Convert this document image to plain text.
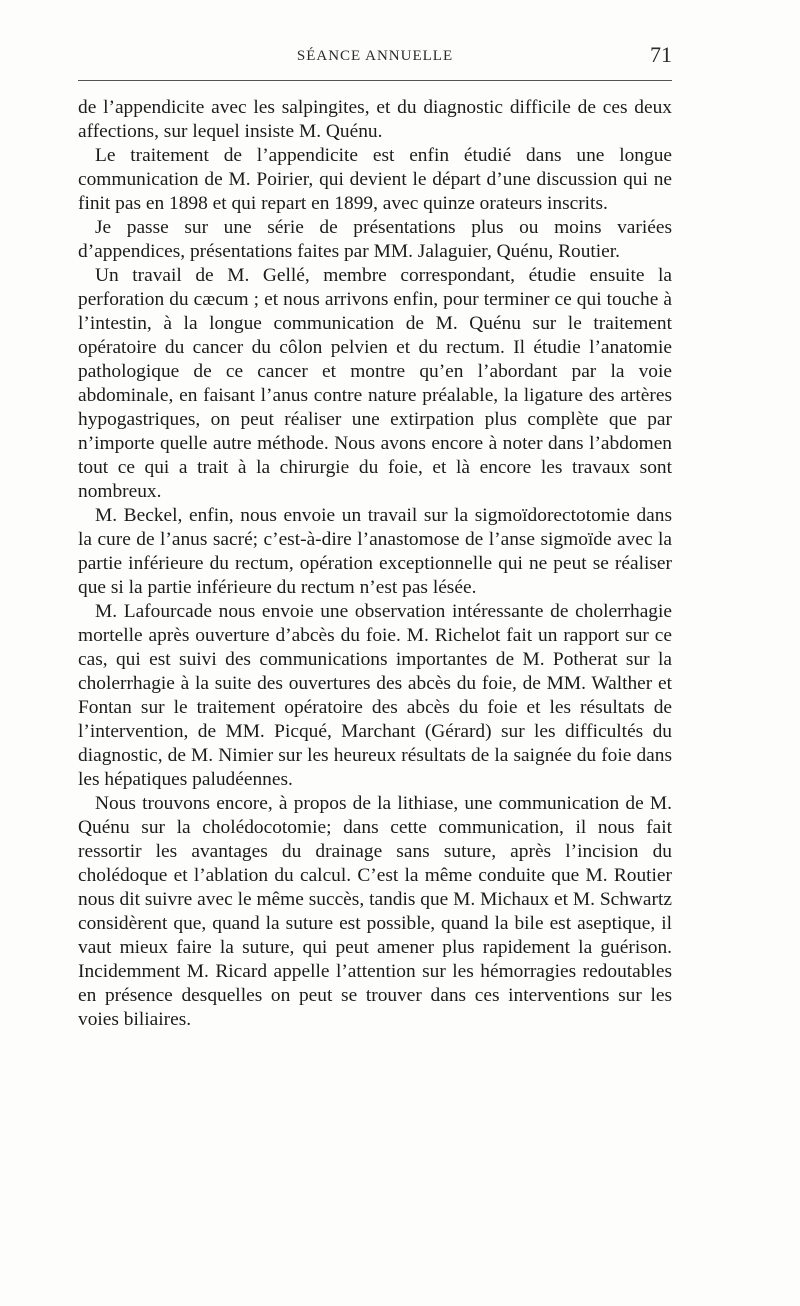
SÉANCE ANNUELLE	71

de l’appendicite avec les salpingites, et du diagnostic difficile de ces deux affections, sur lequel insiste M. Quénu.

Le traitement de l’appendicite est enfin étudié dans une longue communication de M. Poirier, qui devient le départ d’une discussion qui ne finit pas en 1898 et qui repart en 1899, avec quinze orateurs inscrits.

Je passe sur une série de présentations plus ou moins variées d’appendices, présentations faites par MM. Jalaguier, Quénu, Routier.

Un travail de M. Gellé, membre correspondant, étudie ensuite la perforation du cæcum ; et nous arrivons enfin, pour terminer ce qui touche à l’intestin, à la longue communication de M. Quénu sur le traitement opératoire du cancer du côlon pelvien et du rectum. Il étudie l’anatomie pathologique de ce cancer et montre qu’en l’abordant par la voie abdominale, en faisant l’anus contre nature préalable, la ligature des artères hypogastriques, on peut réaliser une extirpation plus complète que par n’importe quelle autre méthode. Nous avons encore à noter dans l’abdomen tout ce qui a trait à la chirurgie du foie, et là encore les travaux sont nombreux.

M. Beckel, enfin, nous envoie un travail sur la sigmoïdorectotomie dans la cure de l’anus sacré; c’est-à-dire l’anastomose de l’anse sigmoïde avec la partie inférieure du rectum, opération exceptionnelle qui ne peut se réaliser que si la partie inférieure du rectum n’est pas lésée.

M. Lafourcade nous envoie une observation intéressante de cholerrhagie mortelle après ouverture d’abcès du foie. M. Richelot fait un rapport sur ce cas, qui est suivi des communications importantes de M. Potherat sur la cholerrhagie à la suite des ouvertures des abcès du foie, de MM. Walther et Fontan sur le traitement opératoire des abcès du foie et les résultats de l’intervention, de MM. Picqué, Marchant (Gérard) sur les difficultés du diagnostic, de M. Nimier sur les heureux résultats de la saignée du foie dans les hépatiques paludéennes.

Nous trouvons encore, à propos de la lithiase, une communication de M. Quénu sur la cholédocotomie; dans cette communication, il nous fait ressortir les avantages du drainage sans suture, après l’incision du cholédoque et l’ablation du calcul. C’est la même conduite que M. Routier nous dit suivre avec le même succès, tandis que M. Michaux et M. Schwartz considèrent que, quand la suture est possible, quand la bile est aseptique, il vaut mieux faire la suture, qui peut amener plus rapidement la guérison. Incidemment M. Ricard appelle l’attention sur les hémorragies redoutables en présence desquelles on peut se trouver dans ces interventions sur les voies biliaires.
